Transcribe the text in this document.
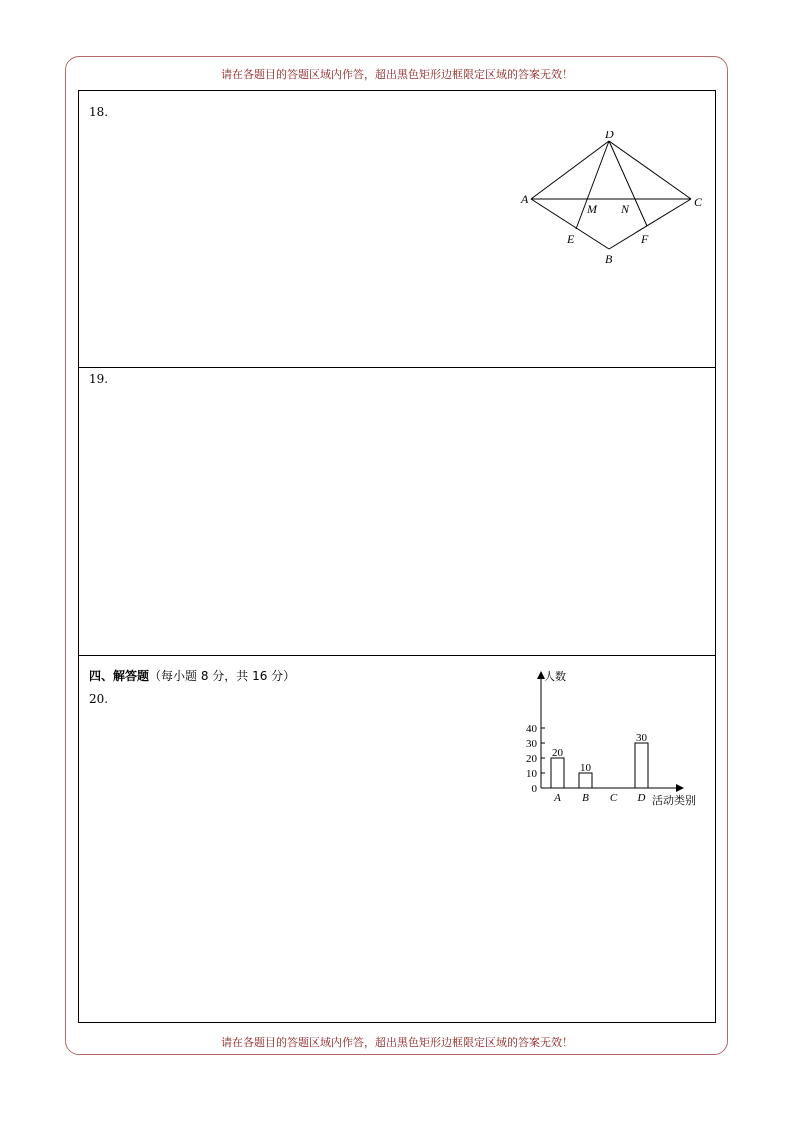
请在各题目的答题区域内作答，超出黑色矩形边框限定区域的答案无效！
18.
D
A	C
M N
E	F
B
19.
四、解答题（每小题 8 分，共 16 分）
20.
人数
活动类别
0
10
20
30
40
20
A
10
B C
30
D
请在各题目的答题区域内作答，超出黑色矩形边框限定区域的答案无效！
